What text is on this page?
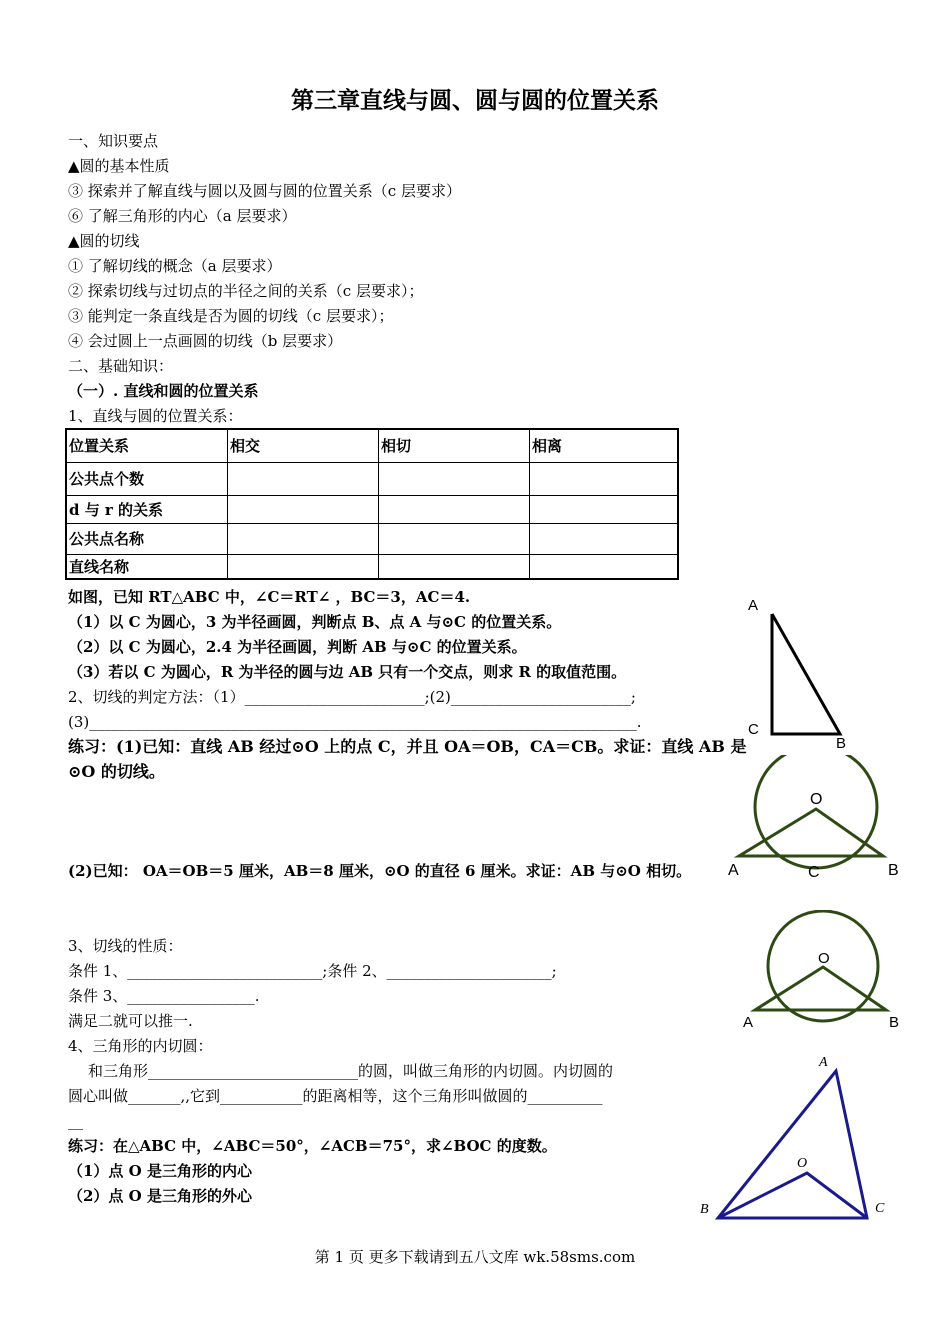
第三章直线与圆、圆与圆的位置关系
一、知识要点
▲圆的基本性质
③ 探索并了解直线与圆以及圆与圆的位置关系（c 层要求）
⑥ 了解三角形的内心（a 层要求）
▲圆的切线
① 了解切线的概念（a 层要求）
② 探索切线与过切点的半径之间的关系（c 层要求）；
③ 能判定一条直线是否为圆的切线（c 层要求）；
④ 会过圆上一点画圆的切线（b 层要求）
二、基础知识：
（一）. 直线和圆的位置关系
1、直线与圆的位置关系：
位置关系	相交	相切	相离
公共点个数			
d 与 r 的关系			
公共点名称			
直线名称			
如图，已知 RT△ABC 中，∠C＝RT∠ ，BC＝3，AC＝4.
（1）以 C 为圆心，3 为半径画圆，判断点 B、点 A 与⊙C 的位置关系。
（2）以 C 为圆心，2.4 为半径画圆，判断 AB 与⊙C 的位置关系。
（3）若以 C 为圆心，R 为半径的圆与边 AB 只有一个交点，则求 R 的取值范围。
2、切线的判定方法：（1）________________________;(2)________________________;
(3)_________________________________________________________________________.
练习：(1)已知：直线 AB 经过⊙O 上的点 C，并且 OA＝OB，CA＝CB。求证：直线 AB 是
⊙O 的切线。
(2)已知： OA＝OB＝5 厘米，AB＝8 厘米，⊙O 的直径 6 厘米。求证：AB 与⊙O 相切。
3、切线的性质：
条件 1、__________________________;条件 2、______________________;
条件 3、_________________.
满足二就可以推一.
4、三角形的内切圆：
和三角形____________________________的圆，叫做三角形的内切圆。内切圆的
圆心叫做_______,,它到___________的距离相等，这个三角形叫做圆的__________
__
练习：在△ABC 中，∠ABC＝50°，∠ACB＝75°，求∠BOC 的度数。
（1）点 O 是三角形的内心
（2）点 O 是三角形的外心
A
C
B
O
A	C	B
O
A	B
A
O
B	C
第 1 页 更多下载请到五八文库 wk.58sms.com
